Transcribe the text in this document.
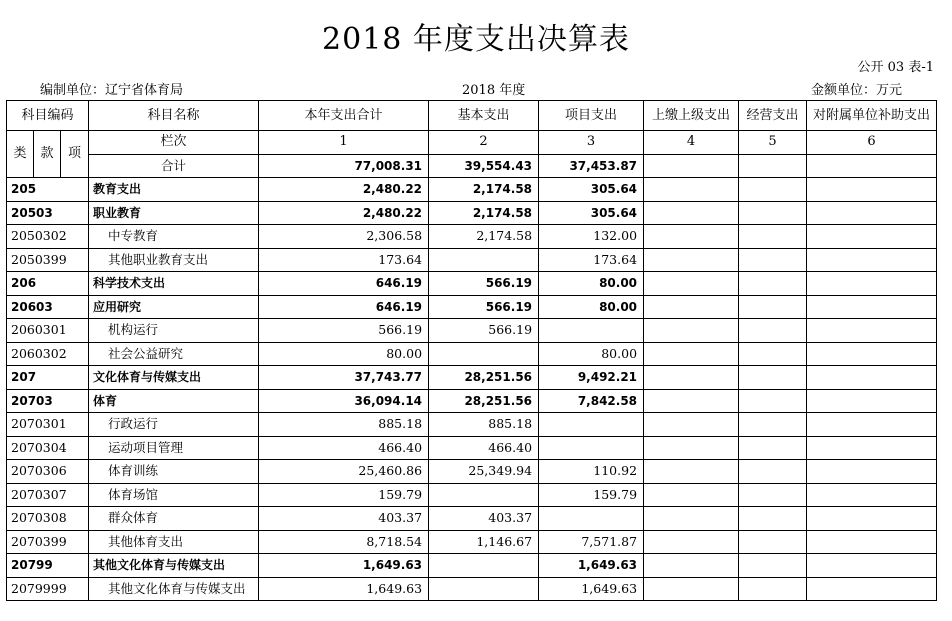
2018 年度支出决算表
公开 03 表-1
编制单位：辽宁省体育局	2018 年度	金额单位：万元
科目编码			科目名称	本年支出合计	基本支出	项目支出	上缴上级支出	经营支出	对附属单位补助支出
类	款	项	栏次	1	2	3	4	5	6
			合计	77,008.31	39,554.43	37,453.87			
205			教育支出	2,480.22	2,174.58	305.64			
20503			职业教育	2,480.22	2,174.58	305.64			
2050302			中专教育	2,306.58	2,174.58	132.00			
2050399			其他职业教育支出	173.64		173.64			
206			科学技术支出	646.19	566.19	80.00			
20603			应用研究	646.19	566.19	80.00			
2060301			机构运行	566.19	566.19				
2060302			社会公益研究	80.00		80.00			
207			文化体育与传媒支出	37,743.77	28,251.56	9,492.21			
20703			体育	36,094.14	28,251.56	7,842.58			
2070301			行政运行	885.18	885.18				
2070304			运动项目管理	466.40	466.40				
2070306			体育训练	25,460.86	25,349.94	110.92			
2070307			体育场馆	159.79		159.79			
2070308			群众体育	403.37	403.37				
2070399			其他体育支出	8,718.54	1,146.67	7,571.87			
20799			其他文化体育与传媒支出	1,649.63		1,649.63			
2079999			其他文化体育与传媒支出	1,649.63		1,649.63			
